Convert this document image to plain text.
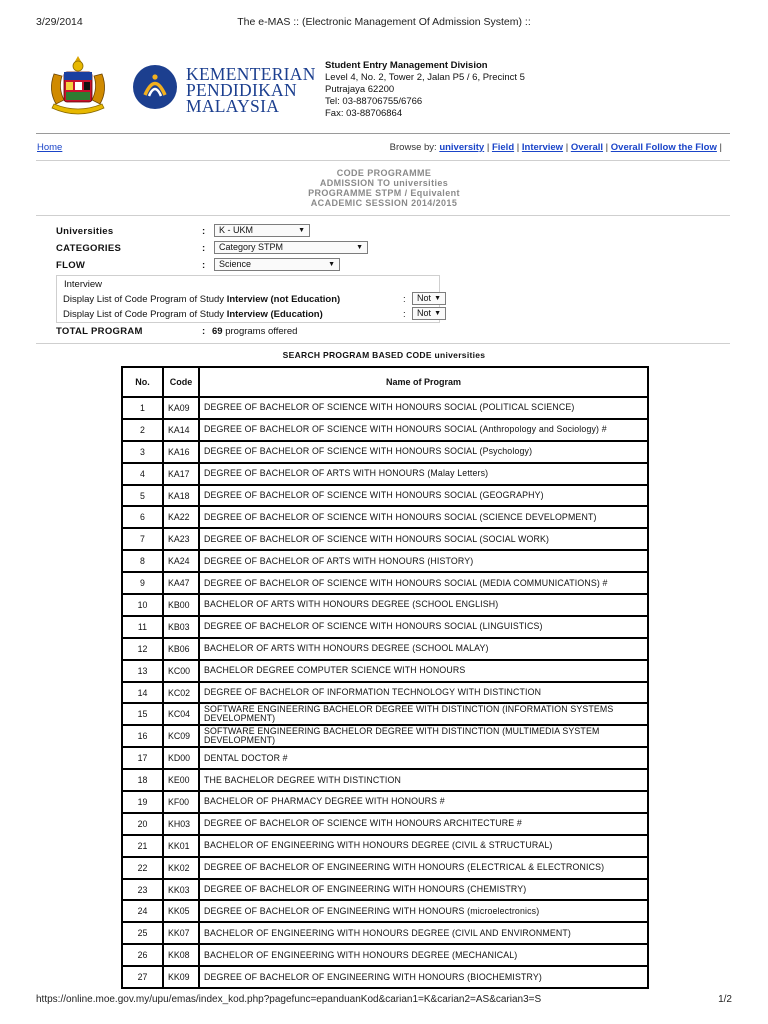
3/29/2014	The e-MAS :: (Electronic Management Of Admission System) ::
KEMENTERIAN
PENDIDIKAN
MALAYSIA
Student Entry Management Division
Level 4, No. 2, Tower 2, Jalan P5 / 6, Precinct 5
Putrajaya 62200
Tel: 03-88706755/6766
Fax: 03-88706864
Home	Browse by: university | Field | Interview | Overall | Overall Follow the Flow |
CODE PROGRAMME
ADMISSION TO universities
PROGRAMME STPM / Equivalent
ACADEMIC SESSION 2014/2015
Universities	:	K - UKM	▼
CATEGORIES	:	Category STPM	▼
FLOW	:	Science	▼
Interview
Display List of Code Program of Study Interview (not Education)	:	Not ▼
Display List of Code Program of Study Interview (Education)	:	Not ▼
TOTAL PROGRAM	: 69 programs offered
SEARCH PROGRAM BASED CODE universities
No.	Code	Name of Program
1	KA09	DEGREE OF BACHELOR OF SCIENCE WITH HONOURS SOCIAL (POLITICAL SCIENCE)
2	KA14	DEGREE OF BACHELOR OF SCIENCE WITH HONOURS SOCIAL (Anthropology and Sociology) #
3	KA16	DEGREE OF BACHELOR OF SCIENCE WITH HONOURS SOCIAL (Psychology)
4	KA17	DEGREE OF BACHELOR OF ARTS WITH HONOURS (Malay Letters)
5	KA18	DEGREE OF BACHELOR OF SCIENCE WITH HONOURS SOCIAL (GEOGRAPHY)
6	KA22	DEGREE OF BACHELOR OF SCIENCE WITH HONOURS SOCIAL (SCIENCE DEVELOPMENT)
7	KA23	DEGREE OF BACHELOR OF SCIENCE WITH HONOURS SOCIAL (SOCIAL WORK)
8	KA24	DEGREE OF BACHELOR OF ARTS WITH HONOURS (HISTORY)
9	KA47	DEGREE OF BACHELOR OF SCIENCE WITH HONOURS SOCIAL (MEDIA COMMUNICATIONS) #
10	KB00	BACHELOR OF ARTS WITH HONOURS DEGREE (SCHOOL ENGLISH)
11	KB03	DEGREE OF BACHELOR OF SCIENCE WITH HONOURS SOCIAL (LINGUISTICS)
12	KB06	BACHELOR OF ARTS WITH HONOURS DEGREE (SCHOOL MALAY)
13	KC00	BACHELOR DEGREE COMPUTER SCIENCE WITH HONOURS
14	KC02	DEGREE OF BACHELOR OF INFORMATION TECHNOLOGY WITH DISTINCTION
15	KC04	SOFTWARE ENGINEERING BACHELOR DEGREE WITH DISTINCTION (INFORMATION SYSTEMS DEVELOPMENT)
16	KC09	SOFTWARE ENGINEERING BACHELOR DEGREE WITH DISTINCTION (MULTIMEDIA SYSTEM DEVELOPMENT)
17	KD00	DENTAL DOCTOR #
18	KE00	THE BACHELOR DEGREE WITH DISTINCTION
19	KF00	BACHELOR OF PHARMACY DEGREE WITH HONOURS #
20	KH03	DEGREE OF BACHELOR OF SCIENCE WITH HONOURS ARCHITECTURE #
21	KK01	BACHELOR OF ENGINEERING WITH HONOURS DEGREE (CIVIL & STRUCTURAL)
22	KK02	DEGREE OF BACHELOR OF ENGINEERING WITH HONOURS (ELECTRICAL & ELECTRONICS)
23	KK03	DEGREE OF BACHELOR OF ENGINEERING WITH HONOURS (CHEMISTRY)
24	KK05	DEGREE OF BACHELOR OF ENGINEERING WITH HONOURS (microelectronics)
25	KK07	BACHELOR OF ENGINEERING WITH HONOURS DEGREE (CIVIL AND ENVIRONMENT)
26	KK08	BACHELOR OF ENGINEERING WITH HONOURS DEGREE (MECHANICAL)
27	KK09	DEGREE OF BACHELOR OF ENGINEERING WITH HONOURS (BIOCHEMISTRY)
https://online.moe.gov.my/upu/emas/index_kod.php?pagefunc=epanduanKod&carian1=K&carian2=AS&carian3=S	1/2
